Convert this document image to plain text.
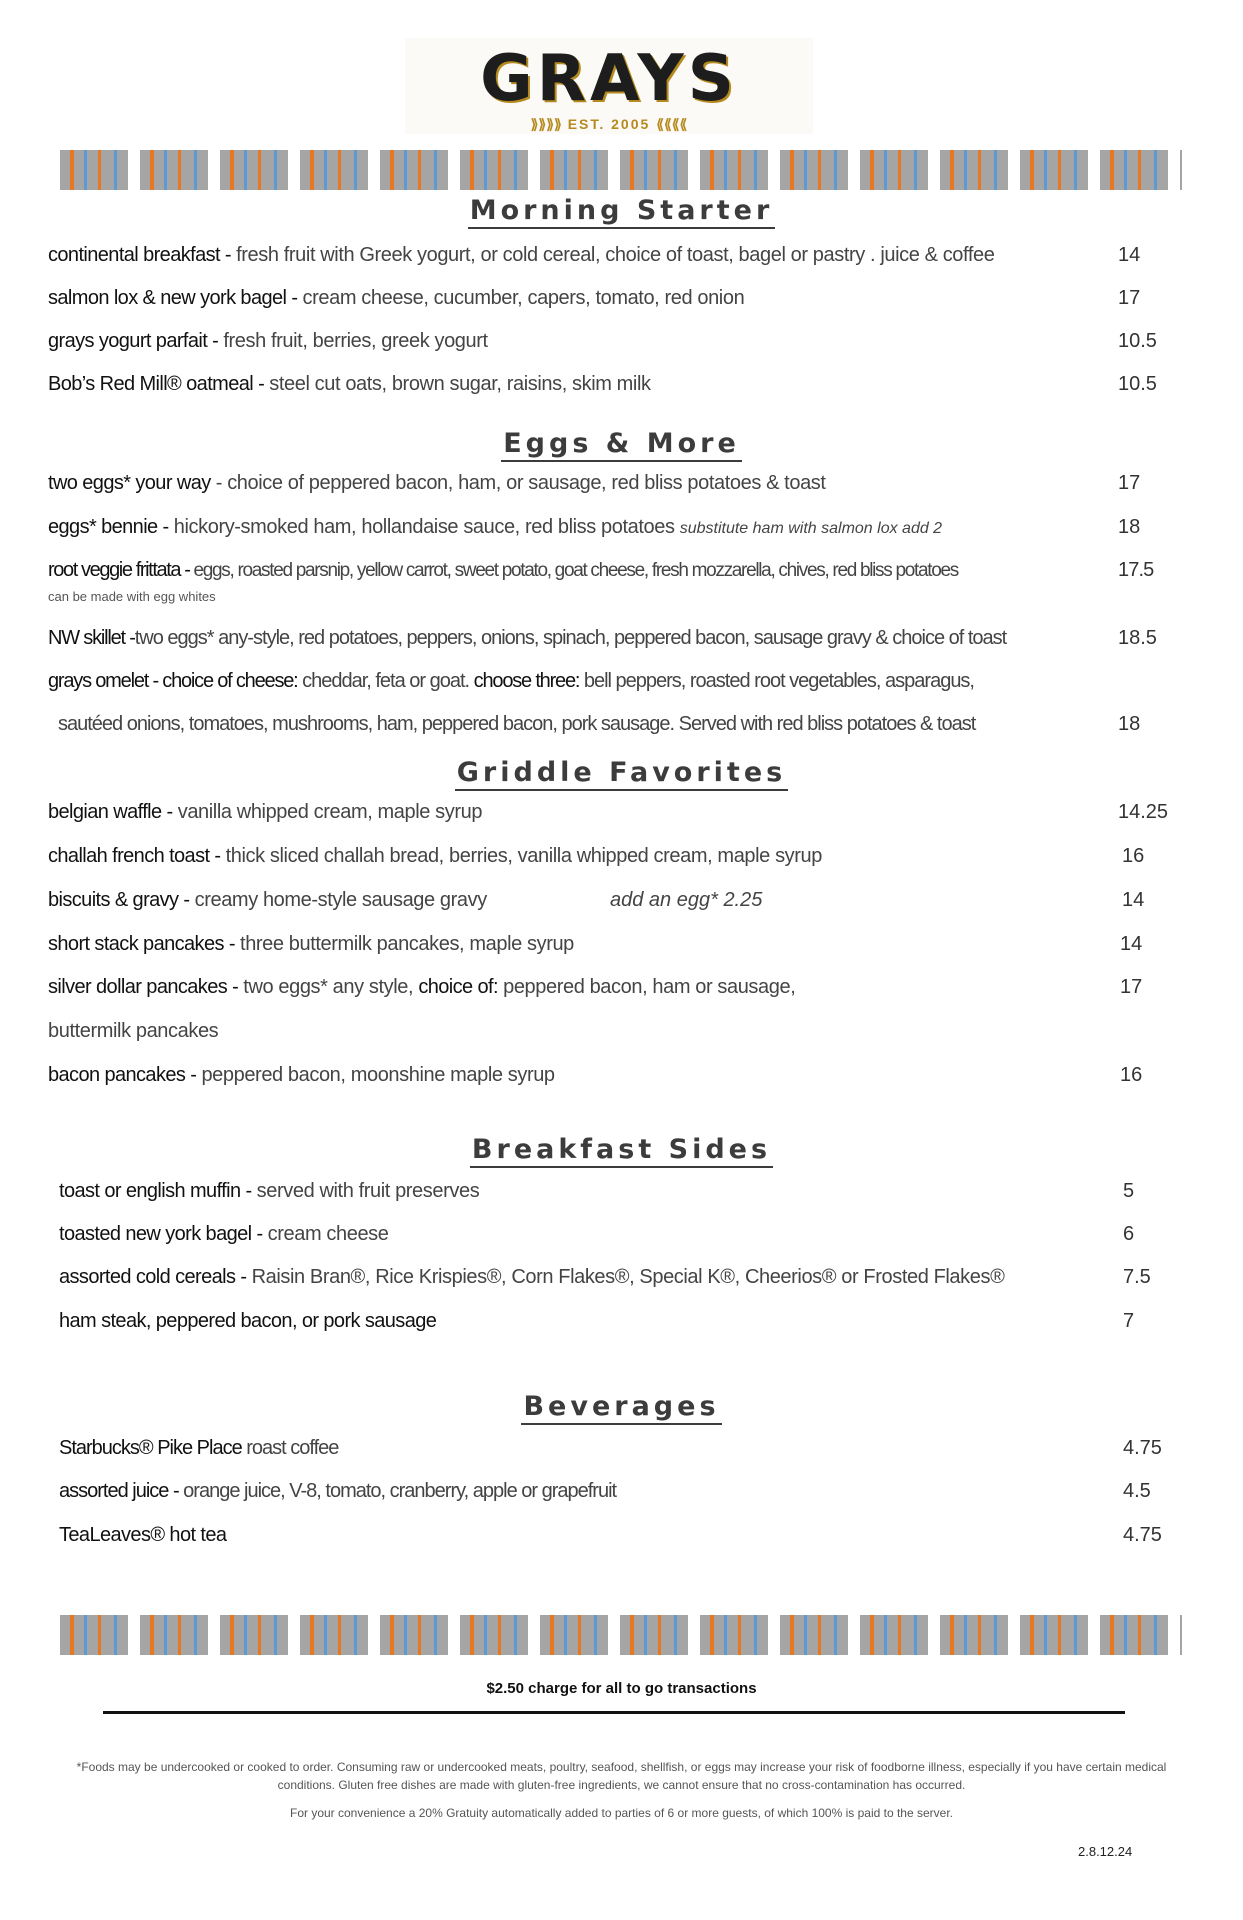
GRAYS
⟫⟫⟫⟫ EST. 2005 ⟪⟪⟪⟪
Morning Starter
continental breakfast - fresh fruit with Greek yogurt, or cold cereal, choice of toast, bagel or pastry . juice & coffee	14
salmon lox & new york bagel - cream cheese, cucumber, capers, tomato, red onion	17
grays yogurt parfait - fresh fruit, berries, greek yogurt	10.5
Bob’s Red Mill® oatmeal - steel cut oats, brown sugar, raisins, skim milk	10.5
Eggs & More
two eggs* your way - choice of peppered bacon, ham, or sausage, red bliss potatoes & toast	17
eggs* bennie - hickory-smoked ham, hollandaise sauce, red bliss potatoes substitute ham with salmon lox add 2	18
root veggie frittata - eggs, roasted parsnip, yellow carrot, sweet potato, goat cheese, fresh mozzarella, chives, red bliss potatoes	17.5
can be made with egg whites
NW skillet -two eggs* any-style, red potatoes, peppers, onions, spinach, peppered bacon, sausage gravy & choice of toast	18.5
grays omelet - choice of cheese: cheddar, feta or goat. choose three: bell peppers, roasted root vegetables, asparagus,
sautéed onions, tomatoes, mushrooms, ham, peppered bacon, pork sausage. Served with red bliss potatoes & toast	18
Griddle Favorites
belgian waffle - vanilla whipped cream, maple syrup	14.25
challah french toast - thick sliced challah bread, berries, vanilla whipped cream, maple syrup	16
biscuits & gravy - creamy home-style sausage gravy	add an egg* 2.25	14
short stack pancakes - three buttermilk pancakes, maple syrup	14
silver dollar pancakes - two eggs* any style, choice of: peppered bacon, ham or sausage,	17
buttermilk pancakes
bacon pancakes - peppered bacon, moonshine maple syrup	16
Breakfast Sides
toast or english muffin - served with fruit preserves	5
toasted new york bagel - cream cheese	6
assorted cold cereals - Raisin Bran®, Rice Krispies®, Corn Flakes®, Special K®, Cheerios® or Frosted Flakes®	7.5
ham steak, peppered bacon, or pork sausage	7
Beverages
Starbucks® Pike Place roast coffee	4.75
assorted juice - orange juice, V-8, tomato, cranberry, apple or grapefruit	4.5
TeaLeaves® hot tea	4.75
$2.50 charge for all to go transactions
*Foods may be undercooked or cooked to order. Consuming raw or undercooked meats, poultry, seafood, shellfish, or eggs may increase your risk of foodborne illness, especially if you have certain medical conditions. Gluten free dishes are made with gluten-free ingredients, we cannot ensure that no cross-contamination has occurred.
For your convenience a 20% Gratuity automatically added to parties of 6 or more guests, of which 100% is paid to the server.
2.8.12.24
